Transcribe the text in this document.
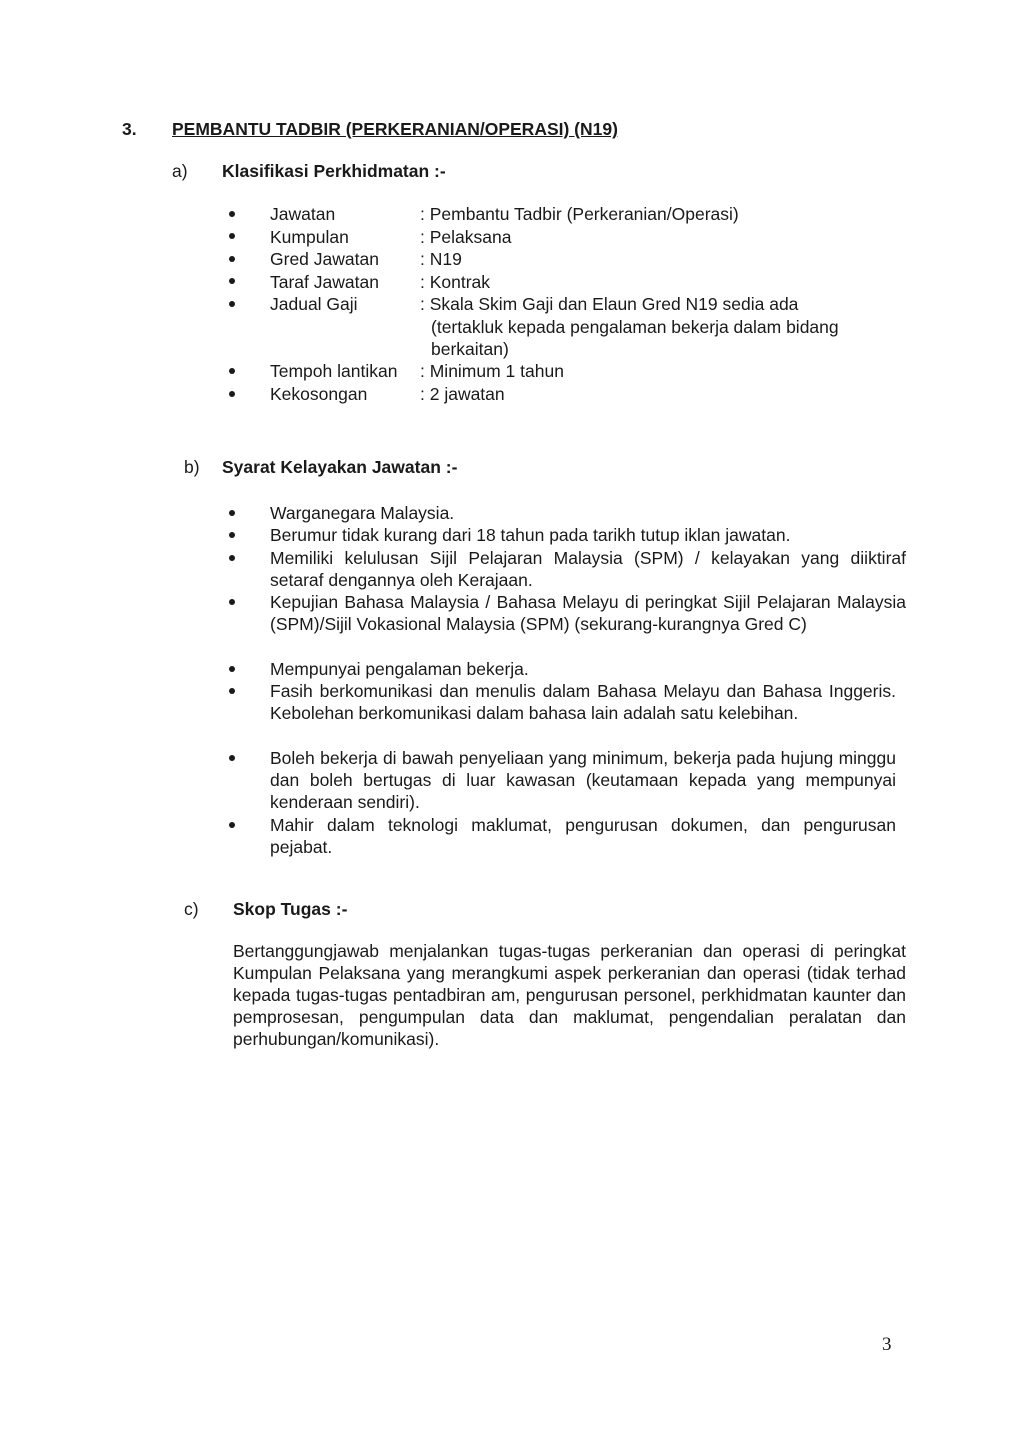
3. PEMBANTU TADBIR (PERKERANIAN/OPERASI) (N19)
a) Klasifikasi Perkhidmatan :-
Jawatan	: Pembantu Tadbir (Perkeranian/Operasi)
Kumpulan	: Pelaksana
Gred Jawatan : N19
Taraf Jawatan : Kontrak
Jadual Gaji	: Skala Skim Gaji dan Elaun Gred N19 sedia ada
(tertakluk kepada pengalaman bekerja dalam bidang
berkaitan)
Tempoh lantikan : Minimum 1 tahun
Kekosongan	: 2 jawatan
b) Syarat Kelayakan Jawatan :-
Warganegara Malaysia.
Berumur tidak kurang dari 18 tahun pada tarikh tutup iklan jawatan.
Memiliki kelulusan Sijil Pelajaran Malaysia (SPM) / kelayakan yang diiktiraf setaraf dengannya oleh Kerajaan.
Kepujian Bahasa Malaysia / Bahasa Melayu di peringkat Sijil Pelajaran Malaysia (SPM)/Sijil Vokasional Malaysia (SPM) (sekurang-kurangnya Gred C)
Mempunyai pengalaman bekerja.
Fasih berkomunikasi dan menulis dalam Bahasa Melayu dan Bahasa Inggeris. Kebolehan berkomunikasi dalam bahasa lain adalah satu kelebihan.
Boleh bekerja di bawah penyeliaan yang minimum, bekerja pada hujung minggu dan boleh bertugas di luar kawasan (keutamaan kepada yang mempunyai kenderaan sendiri).
Mahir dalam teknologi maklumat, pengurusan dokumen, dan pengurusan pejabat.
c) Skop Tugas :-
Bertanggungjawab menjalankan tugas-tugas perkeranian dan operasi di peringkat Kumpulan Pelaksana yang merangkumi aspek perkeranian dan operasi (tidak terhad kepada tugas-tugas pentadbiran am, pengurusan personel, perkhidmatan kaunter dan pemprosesan, pengumpulan data dan maklumat, pengendalian peralatan dan perhubungan/komunikasi).
3
